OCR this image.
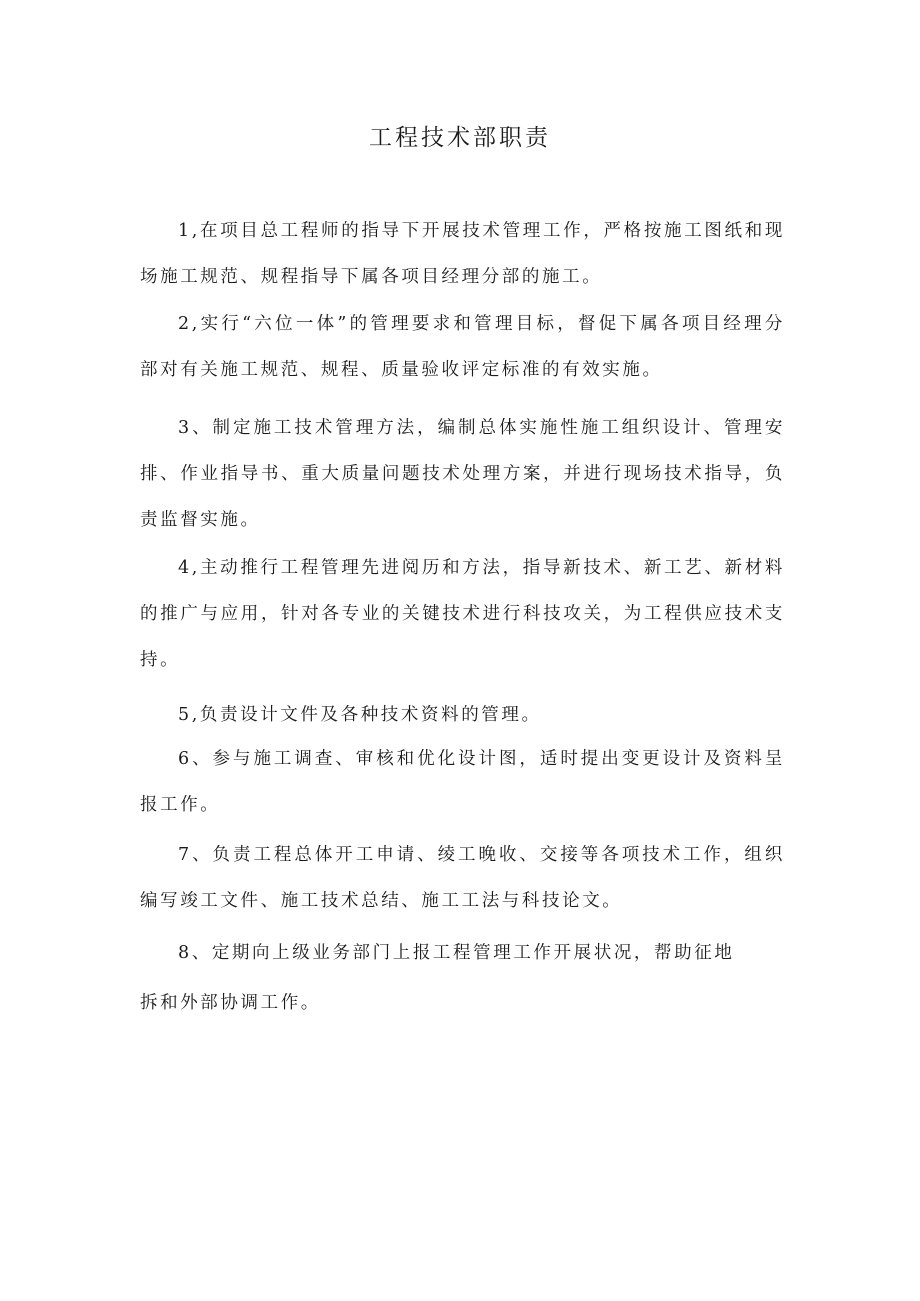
工程技术部职责
1,在项目总工程师的指导下开展技术管理工作，严格按施工图纸和现场施工规范、规程指导下属各项目经理分部的施工。
2,实行“六位一体”的管理要求和管理目标，督促下属各项目经理分部对有关施工规范、规程、质量验收评定标准的有效实施。
3、制定施工技术管理方法，编制总体实施性施工组织设计、管理安排、作业指导书、重大质量问题技术处理方案，并进行现场技术指导，负责监督实施。
4,主动推行工程管理先进阅历和方法，指导新技术、新工艺、新材料的推广与应用，针对各专业的关键技术进行科技攻关，为工程供应技术支持。
5,负责设计文件及各种技术资料的管理。
6、参与施工调查、审核和优化设计图，适时提出变更设计及资料呈报工作。
7、负责工程总体开工申请、绫工晚收、交接等各项技术工作，组织编写竣工文件、施工技术总结、施工工法与科技论文。
8、定期向上级业务部门上报工程管理工作开展状况，帮助征地
拆和外部协调工作。
